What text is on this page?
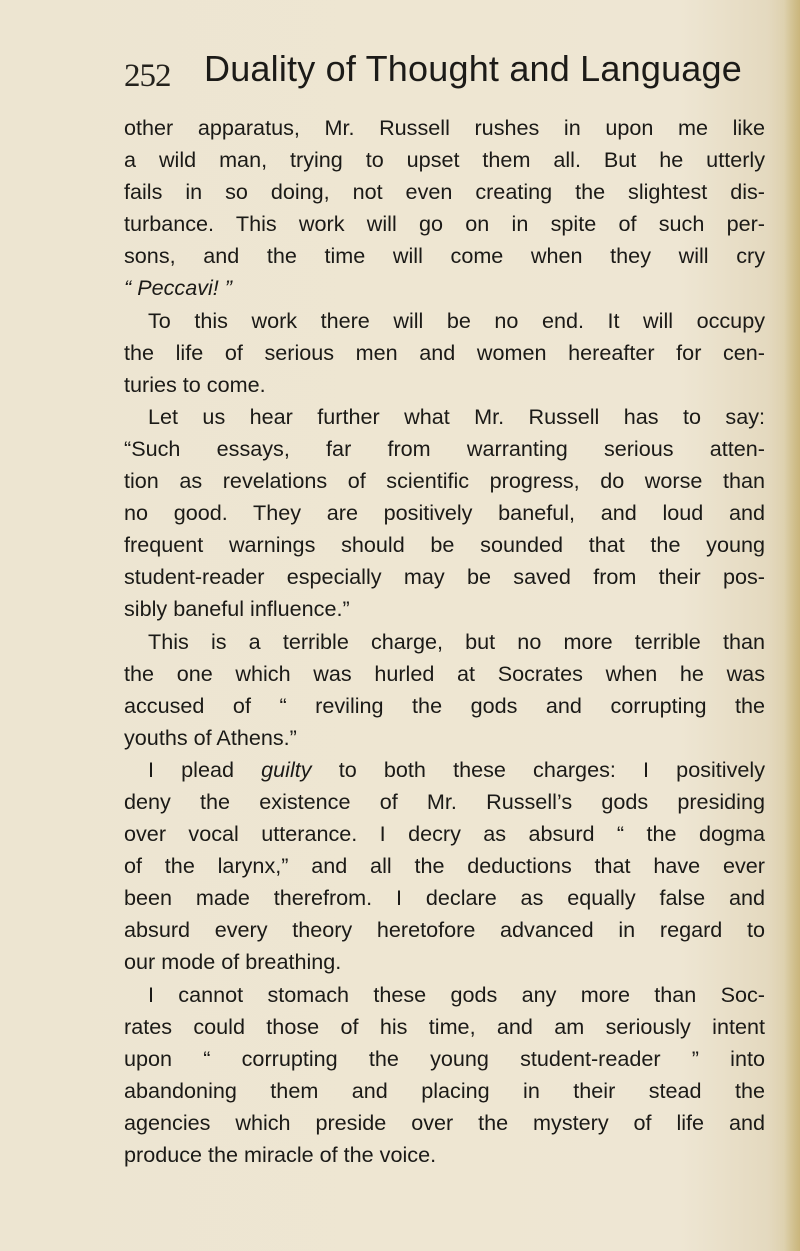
252 Duality of Thought and Language
other apparatus, Mr. Russell rushes in upon me like
a wild man, trying to upset them all. But he utterly
fails in so doing, not even creating the slightest dis-
turbance. This work will go on in spite of such per-
sons, and the time will come when they will cry
“ Peccavi! ”
To this work there will be no end. It will occupy
the life of serious men and women hereafter for cen-
turies to come.
Let us hear further what Mr. Russell has to say:
“Such essays, far from warranting serious atten-
tion as revelations of scientific progress, do worse than
no good. They are positively baneful, and loud and
frequent warnings should be sounded that the young
student-reader especially may be saved from their pos-
sibly baneful influence.”
This is a terrible charge, but no more terrible than
the one which was hurled at Socrates when he was
accused of “ reviling the gods and corrupting the
youths of Athens.”
I plead guilty to both these charges: I positively
deny the existence of Mr. Russell’s gods presiding
over vocal utterance. I decry as absurd “ the dogma
of the larynx,” and all the deductions that have ever
been made therefrom. I declare as equally false and
absurd every theory heretofore advanced in regard to
our mode of breathing.
I cannot stomach these gods any more than Soc-
rates could those of his time, and am seriously intent
upon “ corrupting the young student-reader ” into
abandoning them and placing in their stead the
agencies which preside over the mystery of life and
produce the miracle of the voice.
